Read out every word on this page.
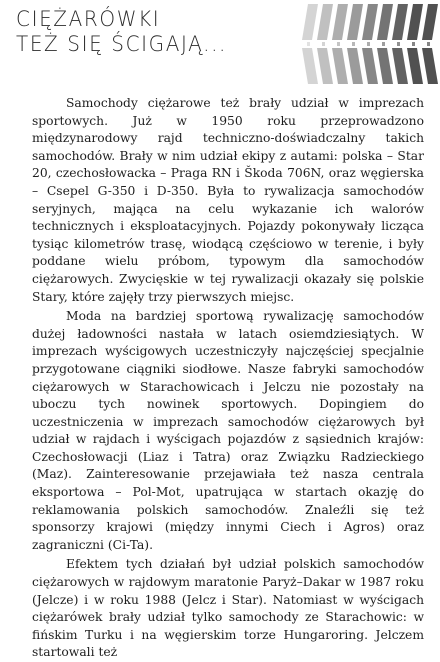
CIĘŻARÓWKI
TEŻ SIĘ ŚCIGAJĄ...

Samochody ciężarowe też brały udział w imprezach sportowych. Już w 1950 roku przeprowadzono międzynarodowy rajd techniczno-doświadczalny takich samochodów. Brały w nim udział ekipy z autami: polska – Star 20, czechosłowacka – Praga RN i Škoda 706N, oraz węgierska – Csepel G-350 i D-350. Była to rywalizacja samochodów seryjnych, mająca na celu wykazanie ich walorów technicznych i eksploatacyjnych. Pojazdy pokonywały licząca tysiąc kilometrów trasę, wiodącą częściowo w terenie, i były poddane wielu próbom, typowym dla samochodów ciężarowych. Zwycięskie w tej rywalizacji okazały się polskie Stary, które zajęły trzy pierwszych miejsc.

Moda na bardziej sportową rywalizację samochodów dużej ładowności nastała w latach osiemdziesiątych. W imprezach wyścigowych uczestniczyły najczęściej specjalnie przygotowane ciągniki siodłowe. Nasze fabryki samochodów ciężarowych w Starachowicach i Jelczu nie pozostały na uboczu tych nowinek sportowych. Dopingiem do uczestniczenia w imprezach samochodów ciężarowych był udział w rajdach i wyścigach pojazdów z sąsiednich krajów: Czechosłowacji (Liaz i Tatra) oraz Związku Radzieckiego (Maz). Zainteresowanie przejawiała też nasza centrala eksportowa – Pol-Mot, upatrująca w startach okazję do reklamowania polskich samochodów. Znaleźli się też sponsorzy krajowi (między innymi Ciech i Agros) oraz zagraniczni (Ci-Ta).

Efektem tych działań był udział polskich samochodów ciężarowych w rajdowym maratonie Paryż–Dakar w 1987 roku (Jelcze) i w roku 1988 (Jelcz i Star). Natomiast w wyścigach ciężarówek brały udział tylko samochody ze Starachowic: w fińskim Turku i na węgierskim torze Hungaroring. Jelczem startowali też
